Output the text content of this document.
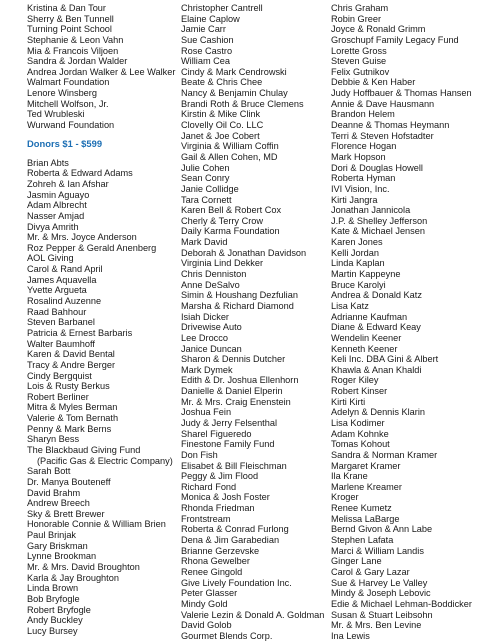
Kristina & Dan Tour
Sherry & Ben Tunnell
Turning Point School
Stephanie & Leon Vahn
Mia & Francois Viljoen
Sandra & Jordan Walder
Andrea Jordan Walker & Lee Walker
Walmart Foundation
Lenore Winsberg
Mitchell Wolfson, Jr.
Ted Wrubleski
Wurwand Foundation
Donors $1 - $599
Brian Abts
Roberta & Edward Adams
Zohreh & Ian Afshar
Jasmin Aguayo
Adam Albrecht
Nasser Amjad
Divya Amrith
Mr. & Mrs. Joyce Anderson
Roz Pepper & Gerald Anenberg
AOL Giving
Carol & Rand April
James Aquavella
Yvette Argueta
Rosalind Auzenne
Raad Bahhour
Steven Barbanel
Patricia & Ernest Barbaris
Walter Baumhoff
Karen & David Bental
Tracy & Andre Berger
Cindy Bergquist
Lois & Rusty Berkus
Robert Berliner
Mitra & Myles Berman
Valerie & Tom Bernath
Penny & Mark Berns
Sharyn Bess
The Blackbaud Giving Fund
(Pacific Gas & Electric Company)
Sarah Bott
Dr. Manya Bouteneff
David Brahm
Andrew Breech
Sky & Brett Brewer
Honorable Connie & William Brien
Paul Brinjak
Gary Briskman
Lynne Brookman
Mr. & Mrs. David Broughton
Karla & Jay Broughton
Linda Brown
Bob Bryfogle
Robert Bryfogle
Andy Buckley
Lucy Bursey
Christopher Cantrell
Elaine Caplow
Jamie Carr
Sue Cashion
Rose Castro
William Cea
Cindy & Mark Cendrowski
Beate & Chris Chee
Nancy & Benjamin Chulay
Brandi Roth & Bruce Clemens
Kirstin & Mike Clink
Clovelly Oil Co. LLC
Janet & Joe Cobert
Virginia & William Coffin
Gail & Allen Cohen, MD
Julie Cohen
Sean Conry
Janie Collidge
Tara Cornett
Karen Bell & Robert Cox
Cherly & Terry Crow
Daily Karma Foundation
Mark David
Deborah & Jonathan Davidson
Virginia Lind Dekker
Chris Denniston
Anne DeSalvo
Simin & Houshang Dezfulian
Marsha & Richard Diamond
Isiah Dicker
Drivewise Auto
Lee Drocco
Janice Duncan
Sharon & Dennis Dutcher
Mark Dymek
Edith & Dr. Joshua Ellenhorn
Danielle & Daniel Elperin
Mr. & Mrs. Craig Enenstein
Joshua Fein
Judy & Jerry Felsenthal
Sharel Figueredo
Finestone Family Fund
Don Fish
Elisabet & Bill Fleischman
Peggy & Jim Flood
Richard Fond
Monica & Josh Foster
Rhonda Friedman
Frontstream
Roberta & Conrad Furlong
Dena & Jim Garabedian
Brianne Gerzevske
Rhona Gewelber
Renee Gingold
Give Lively Foundation Inc.
Peter Glasser
Mindy Gold
Valerie Lezin & Donald A. Goldman
David Golob
Gourmet Blends Corp.
Chris Graham
Robin Greer
Joyce & Ronald Grimm
Groschupf Family Legacy Fund
Lorette Gross
Steven Guise
Felix Gutnikov
Debbie & Ken Haber
Judy Hoffbauer & Thomas Hansen
Annie & Dave Hausmann
Brandon Helem
Deanne & Thomas Heymann
Terri & Steven Hofstadter
Florence Hogan
Mark Hopson
Dori & Douglas Howell
Roberta Hyman
IVI Vision, Inc.
Kirti Jangra
Jonathan Jannicola
J.P. & Shelley Jefferson
Kate & Michael Jensen
Karen Jones
Kelli Jordan
Linda Kaplan
Martin Kappeyne
Bruce Karolyi
Andrea & Donald Katz
Lisa Katz
Adrianne Kaufman
Diane & Edward Keay
Wendelin Keener
Kenneth Keener
Keli Inc. DBA Gini & Albert
Khawla & Anan Khaldi
Roger Kiley
Robert Kinser
Kirti Kirti
Adelyn & Dennis Klarin
Lisa Kodimer
Adam Kohnke
Tomas Kohout
Sandra & Norman Kramer
Margaret Kramer
Ila Krane
Marlene Kreamer
Kroger
Renee Kumetz
Melissa LaBarge
Bernd Givon & Ann Labe
Stephen Lafata
Marci & William Landis
Ginger Lane
Carol & Gary Lazar
Sue & Harvey Le Valley
Mindy & Joseph Lebovic
Edie & Michael Lehman-Boddicker
Susan & Stuart Leibsohn
Mr. & Mrs. Ben Levine
Ina Lewis
